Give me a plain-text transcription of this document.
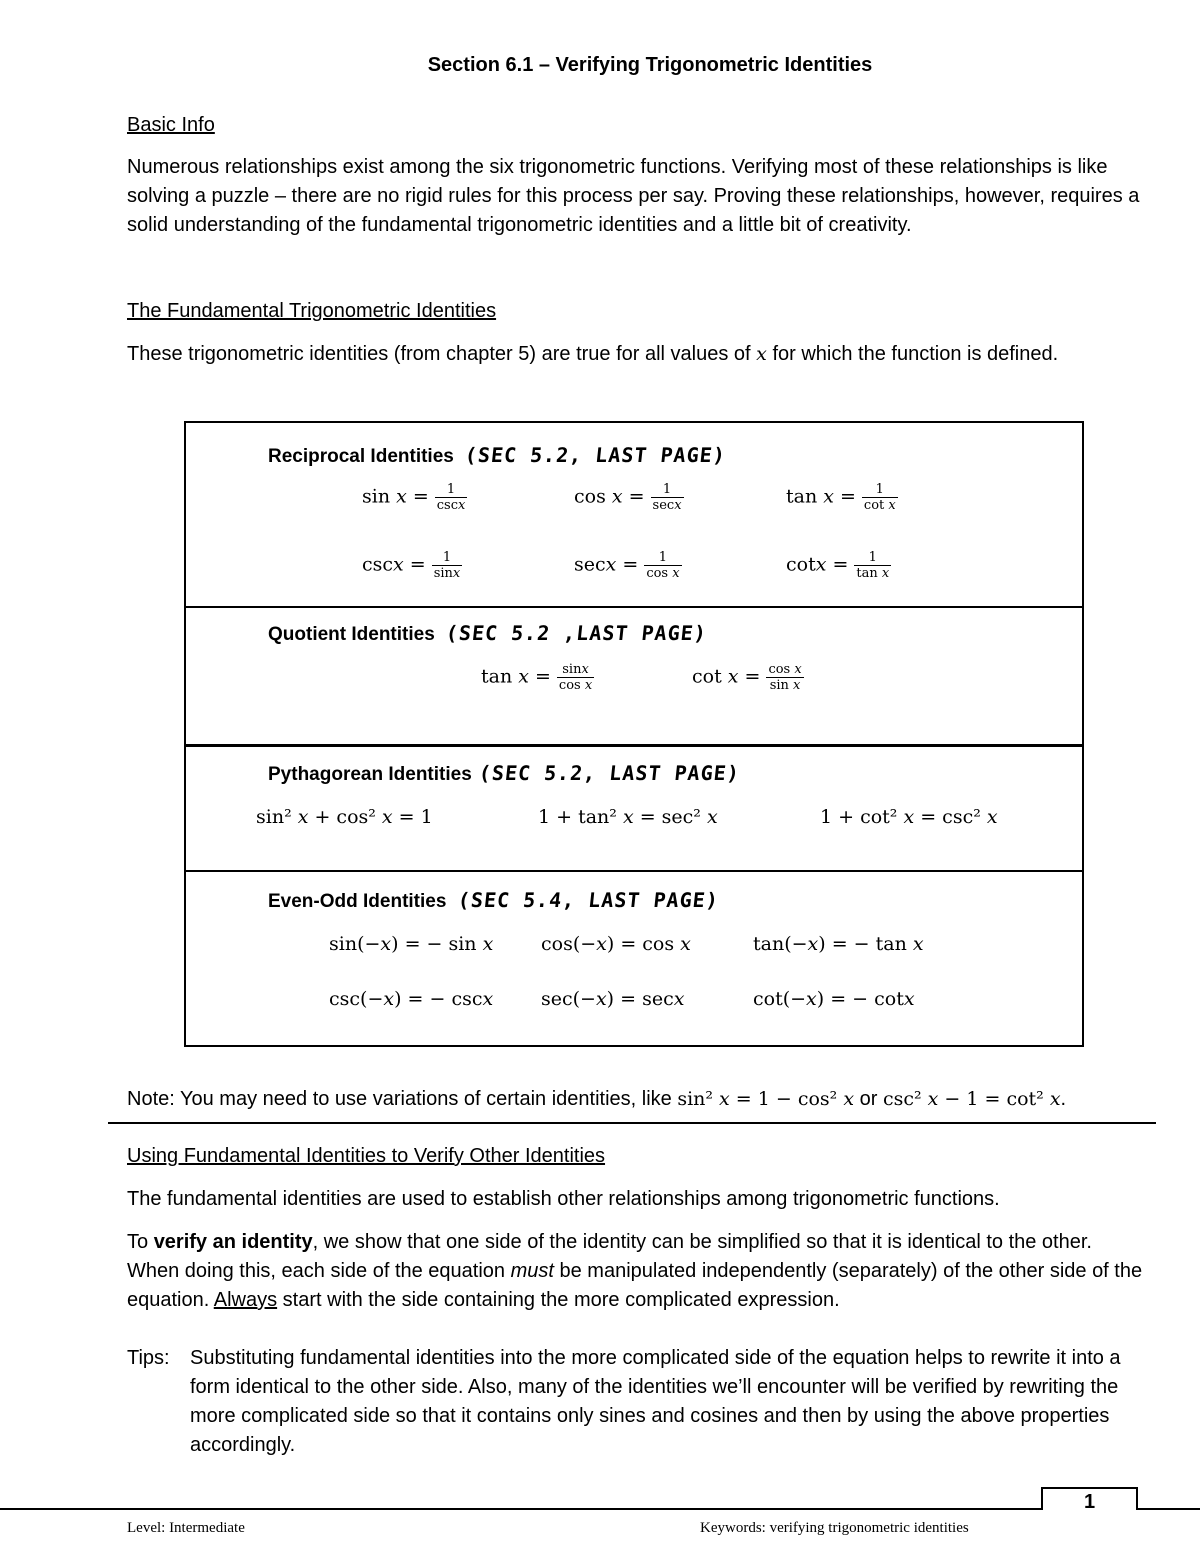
Section 6.1 – Verifying Trigonometric Identities
Basic Info
Numerous relationships exist among the six trigonometric functions. Verifying most of these relationships is like solving a puzzle – there are no rigid rules for this process per say. Proving these relationships, however, requires a solid understanding of the fundamental trigonometric identities and a little bit of creativity.
The Fundamental Trigonometric Identities
These trigonometric identities (from chapter 5) are true for all values of x for which the function is defined.
Reciprocal Identities (SEC 5.2, LAST PAGE)
sin 𝑥 = $\frac{1}{\text{csc𝑥}}$	cos 𝑥 = $\frac{1}{\text{sec𝑥}}$	tan 𝑥 = $\frac{1}{\text{cot 𝑥}}$
csc𝑥 = $\frac{1}{\text{sin𝑥}}$	sec𝑥 = $\frac{1}{\text{cos 𝑥}}$	cot𝑥 = $\frac{1}{\text{tan 𝑥}}$
Quotient Identities (SEC 5.2 ,LAST PAGE)
tan 𝑥 = $\frac{\text{sin𝑥}}{\text{cos 𝑥}}$	cot 𝑥 = $\frac{\text{cos 𝑥}}{\text{sin 𝑥}}$
Pythagorean Identities (SEC 5.2, LAST PAGE)
sin² 𝑥 + cos² 𝑥 = 1	1 + tan² 𝑥 = sec² 𝑥	1 + cot² 𝑥 = csc² 𝑥
Even-Odd Identities (SEC 5.4, LAST PAGE)
sin(−𝑥) = − sin 𝑥	cos(−𝑥) = cos 𝑥	tan(−𝑥) = − tan 𝑥
csc(−𝑥) = − csc𝑥	sec(−𝑥) = sec𝑥	cot(−𝑥) = − cot𝑥
Note: You may need to use variations of certain identities, like sin² 𝑥 = 1 − cos² 𝑥 or csc² 𝑥 − 1 = cot² 𝑥.
Using Fundamental Identities to Verify Other Identities
The fundamental identities are used to establish other relationships among trigonometric functions.
To verify an identity, we show that one side of the identity can be simplified so that it is identical to the other. When doing this, each side of the equation must be manipulated independently (separately) of the other side of the equation. Always start with the side containing the more complicated expression.
Tips: Substituting fundamental identities into the more complicated side of the equation helps to rewrite it into a form identical to the other side. Also, many of the identities we’ll encounter will be verified by rewriting the more complicated side so that it contains only sines and cosines and then by using the above properties accordingly.
1
Level: Intermediate	Keywords: verifying trigonometric identities
